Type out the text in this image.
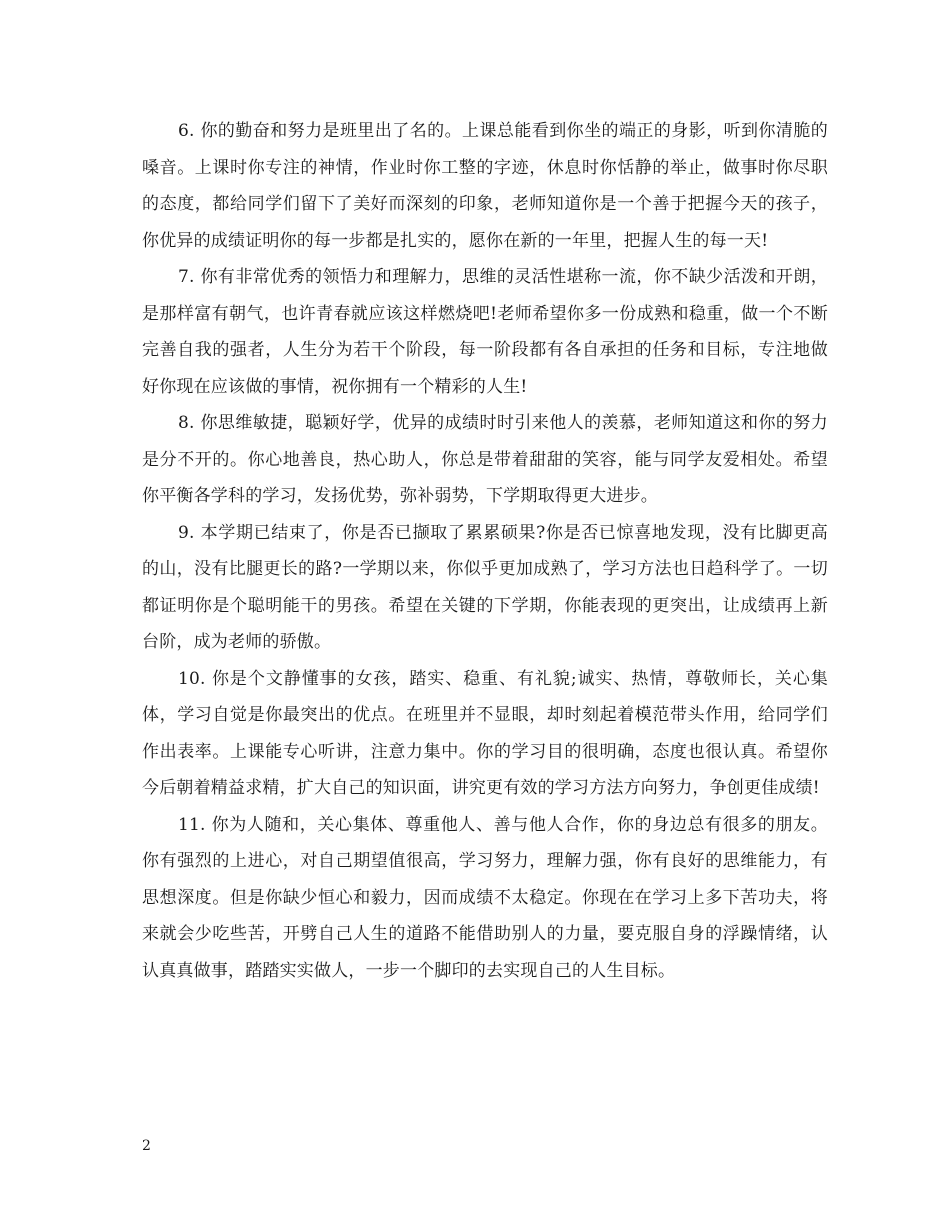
6. 你的勤奋和努力是班里出了名的。上课总能看到你坐的端正的身影，听到你清脆的嗓音。上课时你专注的神情，作业时你工整的字迹，休息时你恬静的举止，做事时你尽职的态度，都给同学们留下了美好而深刻的印象，老师知道你是一个善于把握今天的孩子，你优异的成绩证明你的每一步都是扎实的，愿你在新的一年里，把握人生的每一天!

7. 你有非常优秀的领悟力和理解力，思维的灵活性堪称一流，你不缺少活泼和开朗，是那样富有朝气，也许青春就应该这样燃烧吧!老师希望你多一份成熟和稳重，做一个不断完善自我的强者，人生分为若干个阶段，每一阶段都有各自承担的任务和目标，专注地做好你现在应该做的事情，祝你拥有一个精彩的人生!

8. 你思维敏捷，聪颖好学，优异的成绩时时引来他人的羡慕，老师知道这和你的努力是分不开的。你心地善良，热心助人，你总是带着甜甜的笑容，能与同学友爱相处。希望你平衡各学科的学习，发扬优势，弥补弱势，下学期取得更大进步。

9. 本学期已结束了，你是否已撷取了累累硕果?你是否已惊喜地发现，没有比脚更高的山，没有比腿更长的路?一学期以来，你似乎更加成熟了，学习方法也日趋科学了。一切都证明你是个聪明能干的男孩。希望在关键的下学期，你能表现的更突出，让成绩再上新台阶，成为老师的骄傲。

10. 你是个文静懂事的女孩，踏实、稳重、有礼貌;诚实、热情，尊敬师长，关心集体，学习自觉是你最突出的优点。在班里并不显眼，却时刻起着模范带头作用，给同学们作出表率。上课能专心听讲，注意力集中。你的学习目的很明确，态度也很认真。希望你今后朝着精益求精，扩大自己的知识面，讲究更有效的学习方法方向努力，争创更佳成绩!

11. 你为人随和，关心集体、尊重他人、善与他人合作，你的身边总有很多的朋友。你有强烈的上进心，对自己期望值很高，学习努力，理解力强，你有良好的思维能力，有思想深度。但是你缺少恒心和毅力，因而成绩不太稳定。你现在在学习上多下苦功夫，将来就会少吃些苦，开劈自己人生的道路不能借助别人的力量，要克服自身的浮躁情绪，认认真真做事，踏踏实实做人，一步一个脚印的去实现自己的人生目标。

2
